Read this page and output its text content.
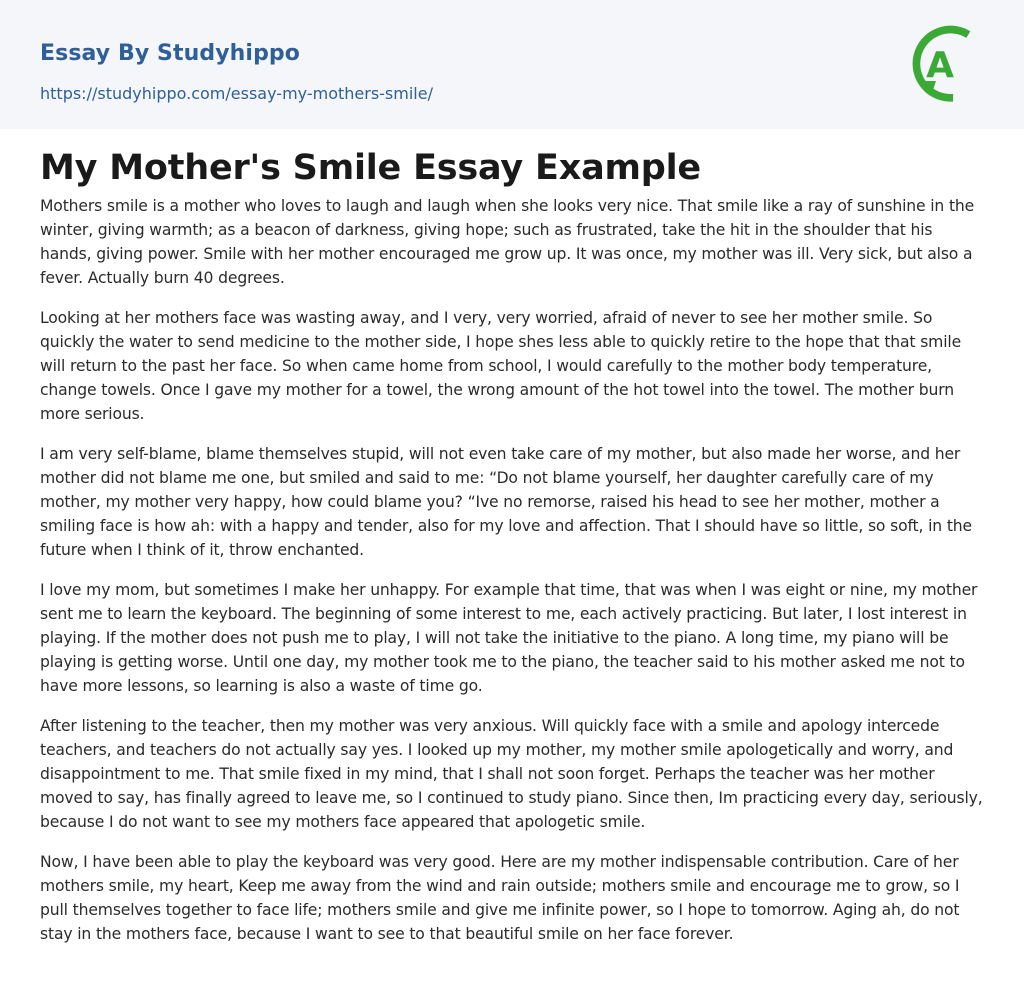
Essay By Studyhippo
https://studyhippo.com/essay-my-mothers-smile/
A
My Mother's Smile Essay Example

Mothers smile is a mother who loves to laugh and laugh when she looks very nice. That smile like a ray of sunshine in the winter, giving warmth; as a beacon of darkness, giving hope; such as frustrated, take the hit in the shoulder that his hands, giving power. Smile with her mother encouraged me grow up. It was once, my mother was ill. Very sick, but also a fever. Actually burn 40 degrees.

Looking at her mothers face was wasting away, and I very, very worried, afraid of never to see her mother smile. So quickly the water to send medicine to the mother side, I hope shes less able to quickly retire to the hope that that smile will return to the past her face. So when came home from school, I would carefully to the mother body temperature, change towels. Once I gave my mother for a towel, the wrong amount of the hot towel into the towel. The mother burn more serious.

I am very self-blame, blame themselves stupid, will not even take care of my mother, but also made her worse, and her mother did not blame me one, but smiled and said to me: “Do not blame yourself, her daughter carefully care of my mother, my mother very happy, how could blame you? “Ive no remorse, raised his head to see her mother, mother a smiling face is how ah: with a happy and tender, also for my love and affection. That I should have so little, so soft, in the future when I think of it, throw enchanted.

I love my mom, but sometimes I make her unhappy. For example that time, that was when I was eight or nine, my mother sent me to learn the keyboard. The beginning of some interest to me, each actively practicing. But later, I lost interest in playing. If the mother does not push me to play, I will not take the initiative to the piano. A long time, my piano will be playing is getting worse. Until one day, my mother took me to the piano, the teacher said to his mother asked me not to have more lessons, so learning is also a waste of time go.

After listening to the teacher, then my mother was very anxious. Will quickly face with a smile and apology intercede teachers, and teachers do not actually say yes. I looked up my mother, my mother smile apologetically and worry, and disappointment to me. That smile fixed in my mind, that I shall not soon forget. Perhaps the teacher was her mother moved to say, has finally agreed to leave me, so I continued to study piano. Since then, Im practicing every day, seriously, because I do not want to see my mothers face appeared that apologetic smile.

Now, I have been able to play the keyboard was very good. Here are my mother indispensable contribution. Care of her mothers smile, my heart, Keep me away from the wind and rain outside; mothers smile and encourage me to grow, so I pull themselves together to face life; mothers smile and give me infinite power, so I hope to tomorrow. Aging ah, do not stay in the mothers face, because I want to see to that beautiful smile on her face forever.
